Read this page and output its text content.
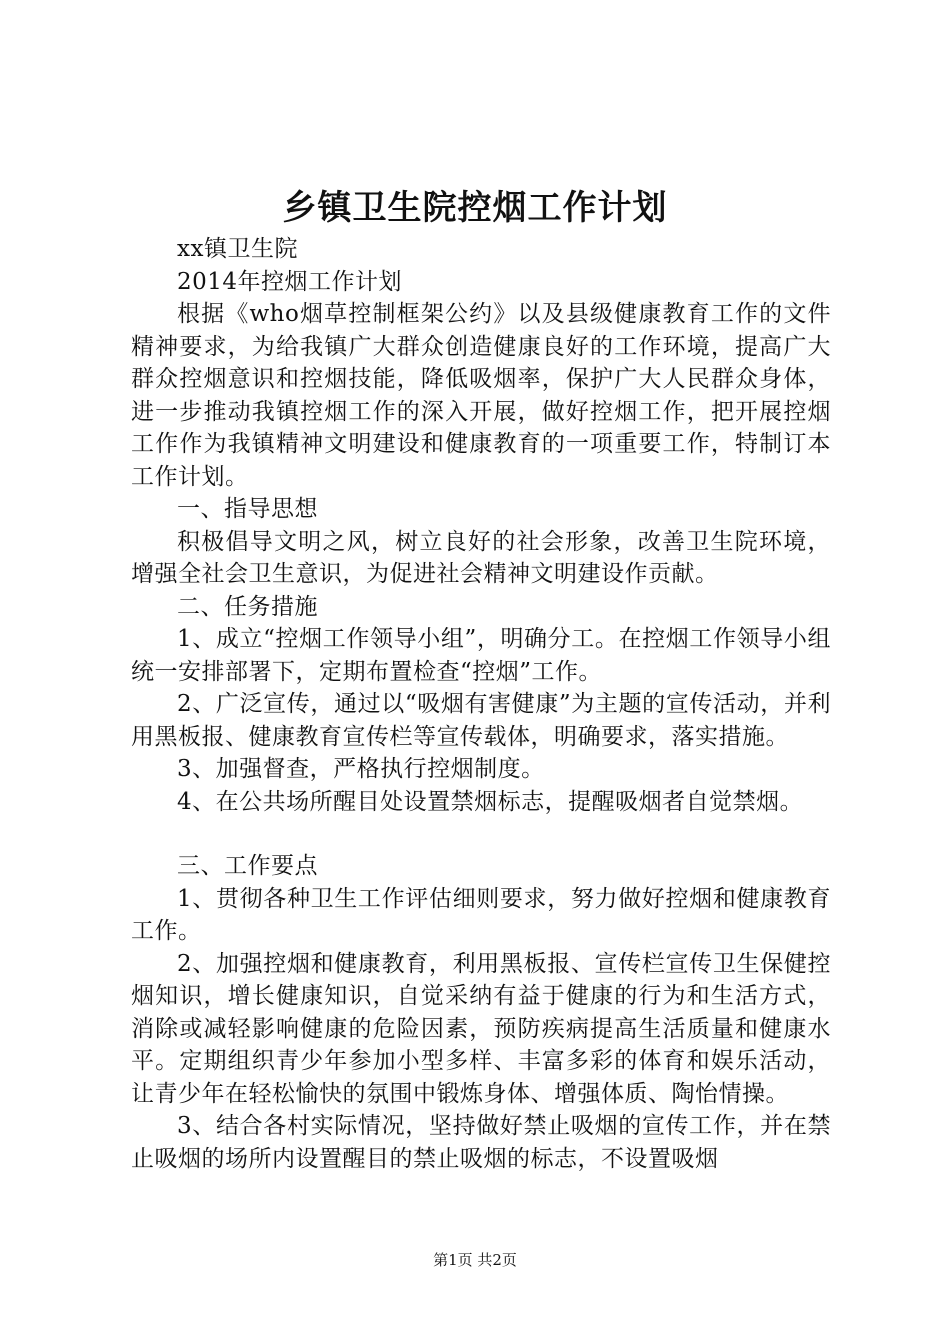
乡镇卫生院控烟工作计划

xx镇卫生院

2014年控烟工作计划

根据《who烟草控制框架公约》以及县级健康教育工作的文件精神要求，为给我镇广大群众创造健康良好的工作环境，提高广大群众控烟意识和控烟技能，降低吸烟率，保护广大人民群众身体，进一步推动我镇控烟工作的深入开展，做好控烟工作，把开展控烟工作作为我镇精神文明建设和健康教育的一项重要工作，特制订本工作计划。

一、指导思想

积极倡导文明之风，树立良好的社会形象，改善卫生院环境，增强全社会卫生意识，为促进社会精神文明建设作贡献。

二、任务措施

1、成立“控烟工作领导小组”，明确分工。在控烟工作领导小组统一安排部署下，定期布置检查“控烟”工作。

2、广泛宣传，通过以“吸烟有害健康”为主题的宣传活动，并利用黑板报、健康教育宣传栏等宣传载体，明确要求，落实措施。

3、加强督查，严格执行控烟制度。

4、在公共场所醒目处设置禁烟标志，提醒吸烟者自觉禁烟。

三、工作要点

1、贯彻各种卫生工作评估细则要求，努力做好控烟和健康教育工作。

2、加强控烟和健康教育，利用黑板报、宣传栏宣传卫生保健控烟知识，增长健康知识，自觉采纳有益于健康的行为和生活方式，消除或减轻影响健康的危险因素，预防疾病提高生活质量和健康水平。定期组织青少年参加小型多样、丰富多彩的体育和娱乐活动，让青少年在轻松愉快的氛围中锻炼身体、增强体质、陶怡情操。

3、结合各村实际情况，坚持做好禁止吸烟的宣传工作，并在禁止吸烟的场所内设置醒目的禁止吸烟的标志，不设置吸烟

第1页 共2页
